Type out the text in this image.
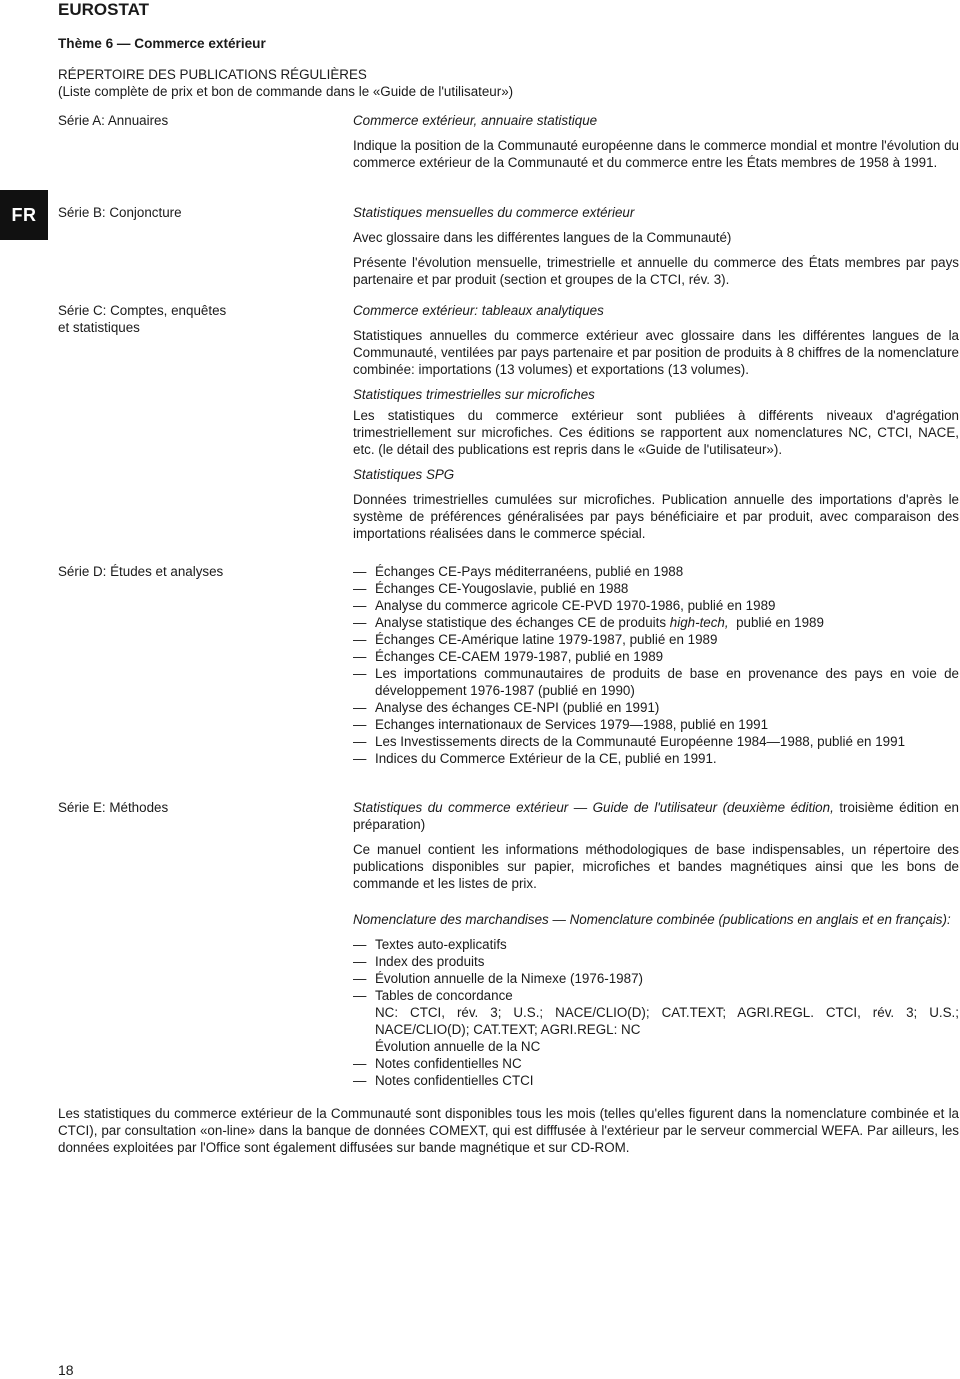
EUROSTAT
Thème 6 — Commerce extérieur
RÉPERTOIRE DES PUBLICATIONS RÉGULIÈRES
(Liste complète de prix et bon de commande dans le «Guide de l'utilisateur»)
FR
Série A: Annuaires	Commerce extérieur, annuaire statistique

Indique la position de la Communauté européenne dans le commerce mondial et montre l'évolution du commerce extérieur de la Communauté et du commerce entre les États membres de 1958 à 1991.

Série B: Conjoncture	Statistiques mensuelles du commerce extérieur

Avec glossaire dans les différentes langues de la Communauté)

Présente l'évolution mensuelle, trimestrielle et annuelle du commerce des États membres par pays partenaire et par produit (section et groupes de la CTCI, rév. 3).

Série C: Comptes, enquêtes
et statistiques

Commerce extérieur: tableaux analytiques

Statistiques annuelles du commerce extérieur avec glossaire dans les différentes langues de la Communauté, ventilées par pays partenaire et par position de produits à 8 chiffres de la nomenclature combinée: importations (13 volumes) et exportations (13 volumes).

Statistiques trimestrielles sur microfiches

Les statistiques du commerce extérieur sont publiées à différents niveaux d'agrégation trimestriellement sur microfiches. Ces éditions se rapportent aux nomenclatures NC, CTCI, NACE, etc. (le détail des publications est repris dans le «Guide de l'utilisateur»).

Statistiques SPG

Données trimestrielles cumulées sur microfiches. Publication annuelle des importations d'après le système de préférences généralisées par pays bénéficiaire et par produit, avec comparaison des importations réalisées dans le commerce spécial.

Série D: Études et analyses
—	Échanges CE-Pays méditerranéens, publié en 1988
— Échanges CE-Yougoslavie, publié en 1988
— Analyse du commerce agricole CE-PVD 1970-1986, publié en 1989
— Analyse statistique des échanges CE de produits high-tech, publié en 1989
— Échanges CE-Amérique latine 1979-1987, publié en 1989
— Échanges CE-CAEM 1979-1987, publié en 1989
— Les importations communautaires de produits de base en provenance des pays en voie de développement 1976-1987 (publié en 1990)
— Analyse des échanges CE-NPI (publié en 1991)
— Echanges internationaux de Services 1979—1988, publié en 1991
— Les Investissements directs de la Communauté Européenne 1984—1988, publié en 1991
— Indices du Commerce Extérieur de la CE, publié en 1991.
Série E: Méthodes	Statistiques du commerce extérieur — Guide de l'utilisateur (deuxième édition, troisième édition en préparation)

Ce manuel contient les informations méthodologiques de base indispensables, un répertoire des publications disponibles sur papier, microfiches et bandes magnétiques ainsi que les bons de commande et les listes de prix.

Nomenclature des marchandises — Nomenclature combinée (publications en anglais et en français):

— Textes auto-explicatifs
— Index des produits
— Évolution annuelle de la Nimexe (1976-1987)
— Tables de concordance
NC: CTCI, rév. 3; U.S.; NACE/CLIO(D); CAT.TEXT; AGRI.REGL. CTCI, rév. 3; U.S.; NACE/CLIO(D); CAT.TEXT; AGRI.REGL: NC
Évolution annuelle de la NC
— Notes confidentielles NC
— Notes confidentielles CTCI
Les statistiques du commerce extérieur de la Communauté sont disponibles tous les mois (telles qu'elles figurent dans la nomenclature combinée et la CTCI), par consultation «on-line» dans la banque de données COMEXT, qui est difffusée à l'extérieur par le serveur commercial WEFA. Par ailleurs, les données exploitées par l'Office sont également diffusées sur bande magnétique et sur CD-ROM.
18
